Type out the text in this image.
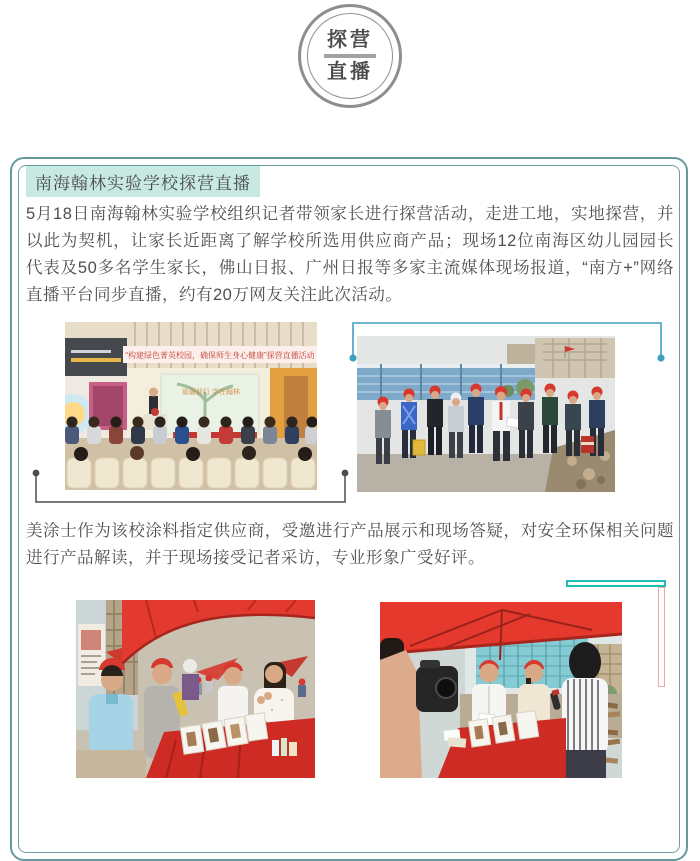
探营
直播
南海翰林实验学校探营直播

5月18日南海翰林实验学校组织记者带领家长进行探营活动，走进工地，实地探营，并以此为契机，让家长近距离了解学校所选用供应商产品；现场12位南海区幼儿园园长代表及50多名学生家长，佛山日报、广州日报等多家主流媒体现场报道，“南方+”网络直播平台同步直播，约有20万网友关注此次活动。

“构建绿色菁英校园，确保师生身心健康”探营直播活动
砥砺前行 学在翰林

美涂士作为该校涂料指定供应商，受邀进行产品展示和现场答疑，对安全环保相关问题进行产品解读，并于现场接受记者采访，专业形象广受好评。
